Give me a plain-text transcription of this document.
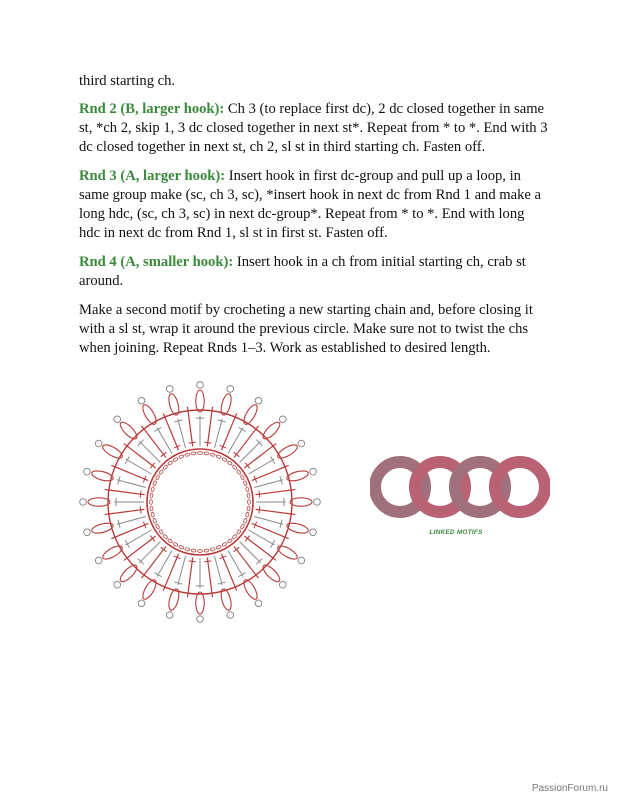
third starting ch.

Rnd 2 (B, larger hook): Ch 3 (to replace first dc), 2 dc closed together in same st, *ch 2, skip 1, 3 dc closed together in next st*. Repeat from * to *. End with 3 dc closed together in next st, ch 2, sl st in third starting ch. Fasten off.

Rnd 3 (A, larger hook): Insert hook in first dc-group and pull up a loop, in same group make (sc, ch 3, sc), *insert hook in next dc from Rnd 1 and make a long hdc, (sc, ch 3, sc) in next dc-group*. Repeat from * to *. End with long hdc in next dc from Rnd 1, sl st in first st. Fasten off.

Rnd 4 (A, smaller hook): Insert hook in a ch from initial starting ch, crab st around.

Make a second motif by crocheting a new starting chain and, before closing it with a sl st, wrap it around the previous circle. Make sure not to twist the chs when joining. Repeat Rnds 1–3. Work as established to desired length.

LINKED MOTIFS
PassionForum.ru
